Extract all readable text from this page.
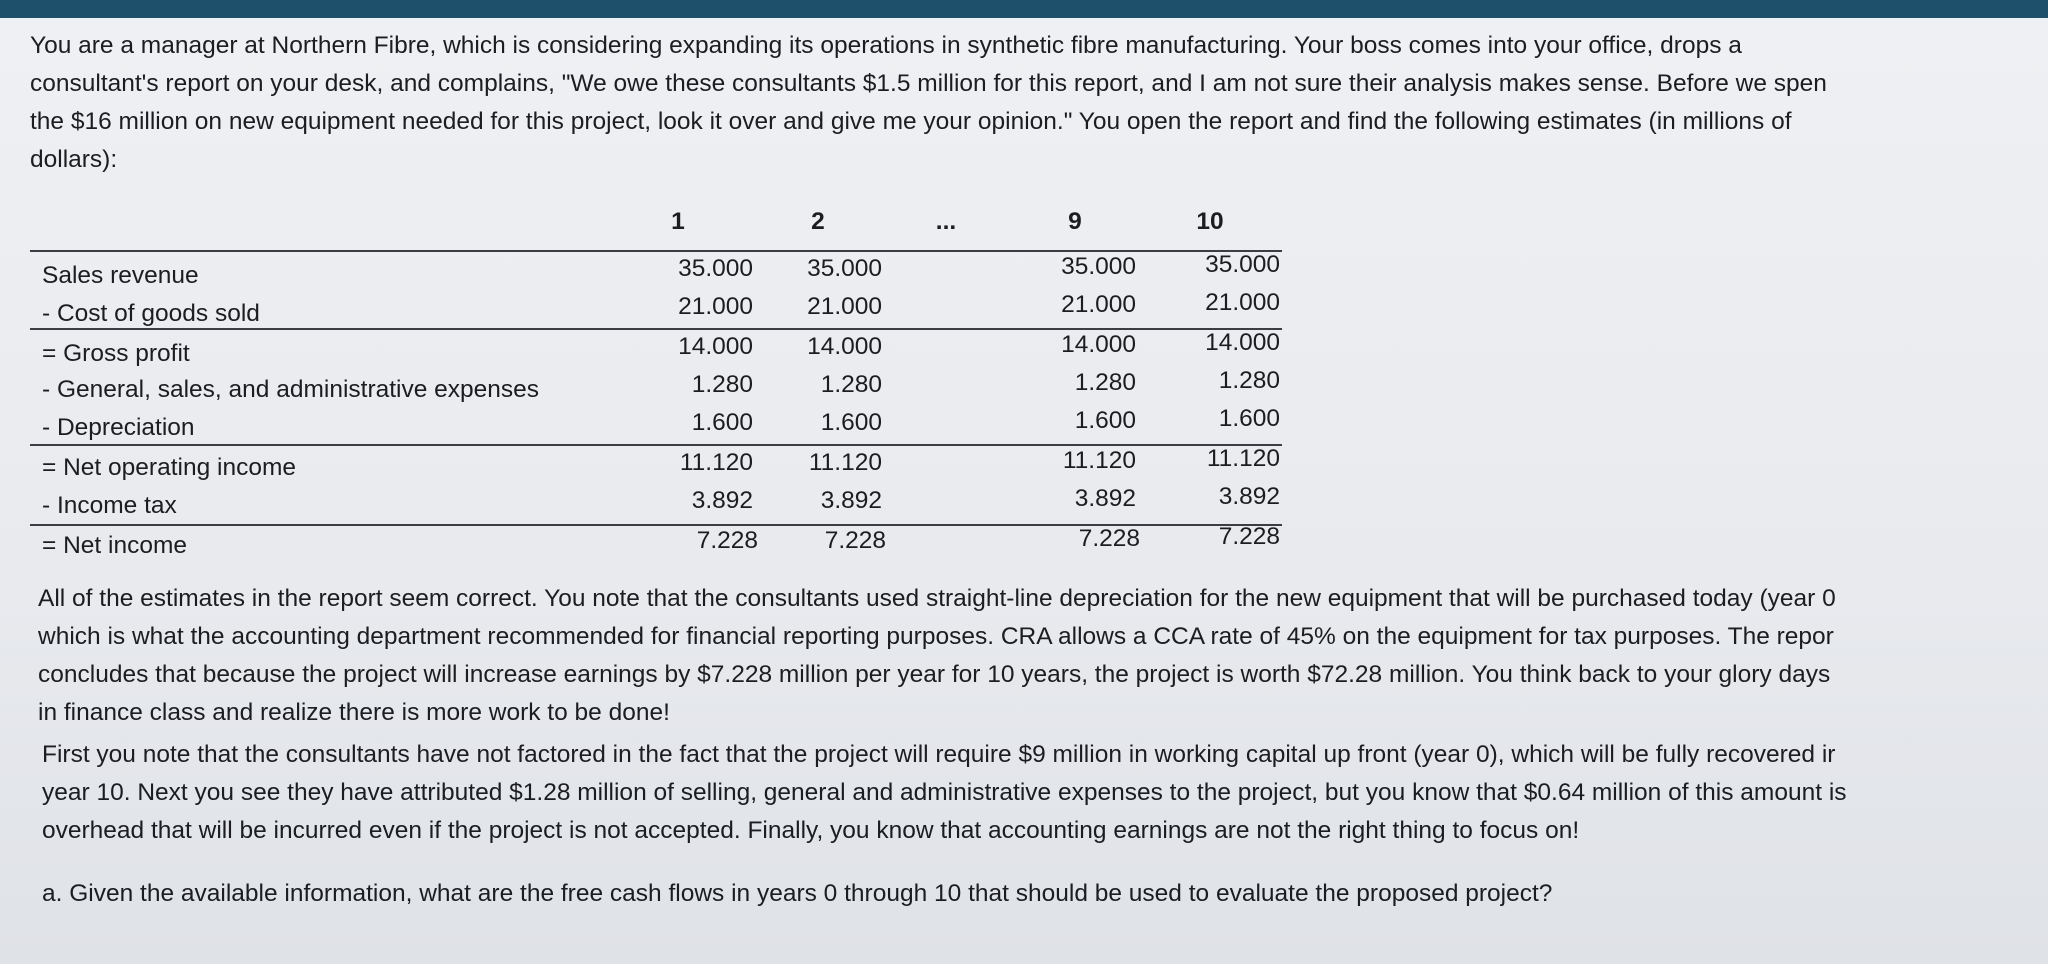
You are a manager at Northern Fibre, which is considering expanding its operations in synthetic fibre manufacturing. Your boss comes into your office, drops a
consultant's report on your desk, and complains, "We owe these consultants $1.5 million for this report, and I am not sure their analysis makes sense. Before we spen
the $16 million on new equipment needed for this project, look it over and give me your opinion." You open the report and find the following estimates (in millions of
dollars):
1	2	...	9	10
Sales revenue	35.000	35.000	35.000	35.000
- Cost of goods sold	21.000	21.000	21.000	21.000
= Gross profit	14.000	14.000	14.000	14.000
- General, sales, and administrative expenses	1.280	1.280	1.280	1.280
- Depreciation	1.600	1.600	1.600	1.600
= Net operating income	11.120	11.120	11.120	11.120
- Income tax	3.892	3.892	3.892	3.892
= Net income	7.228	7.228	7.228	7.228
All of the estimates in the report seem correct. You note that the consultants used straight-line depreciation for the new equipment that will be purchased today (year 0
which is what the accounting department recommended for financial reporting purposes. CRA allows a CCA rate of 45% on the equipment for tax purposes. The repor
concludes that because the project will increase earnings by $7.228 million per year for 10 years, the project is worth $72.28 million. You think back to your glory days
in finance class and realize there is more work to be done!
First you note that the consultants have not factored in the fact that the project will require $9 million in working capital up front (year 0), which will be fully recovered ir
year 10. Next you see they have attributed $1.28 million of selling, general and administrative expenses to the project, but you know that $0.64 million of this amount is
overhead that will be incurred even if the project is not accepted. Finally, you know that accounting earnings are not the right thing to focus on!
a. Given the available information, what are the free cash flows in years 0 through 10 that should be used to evaluate the proposed project?
